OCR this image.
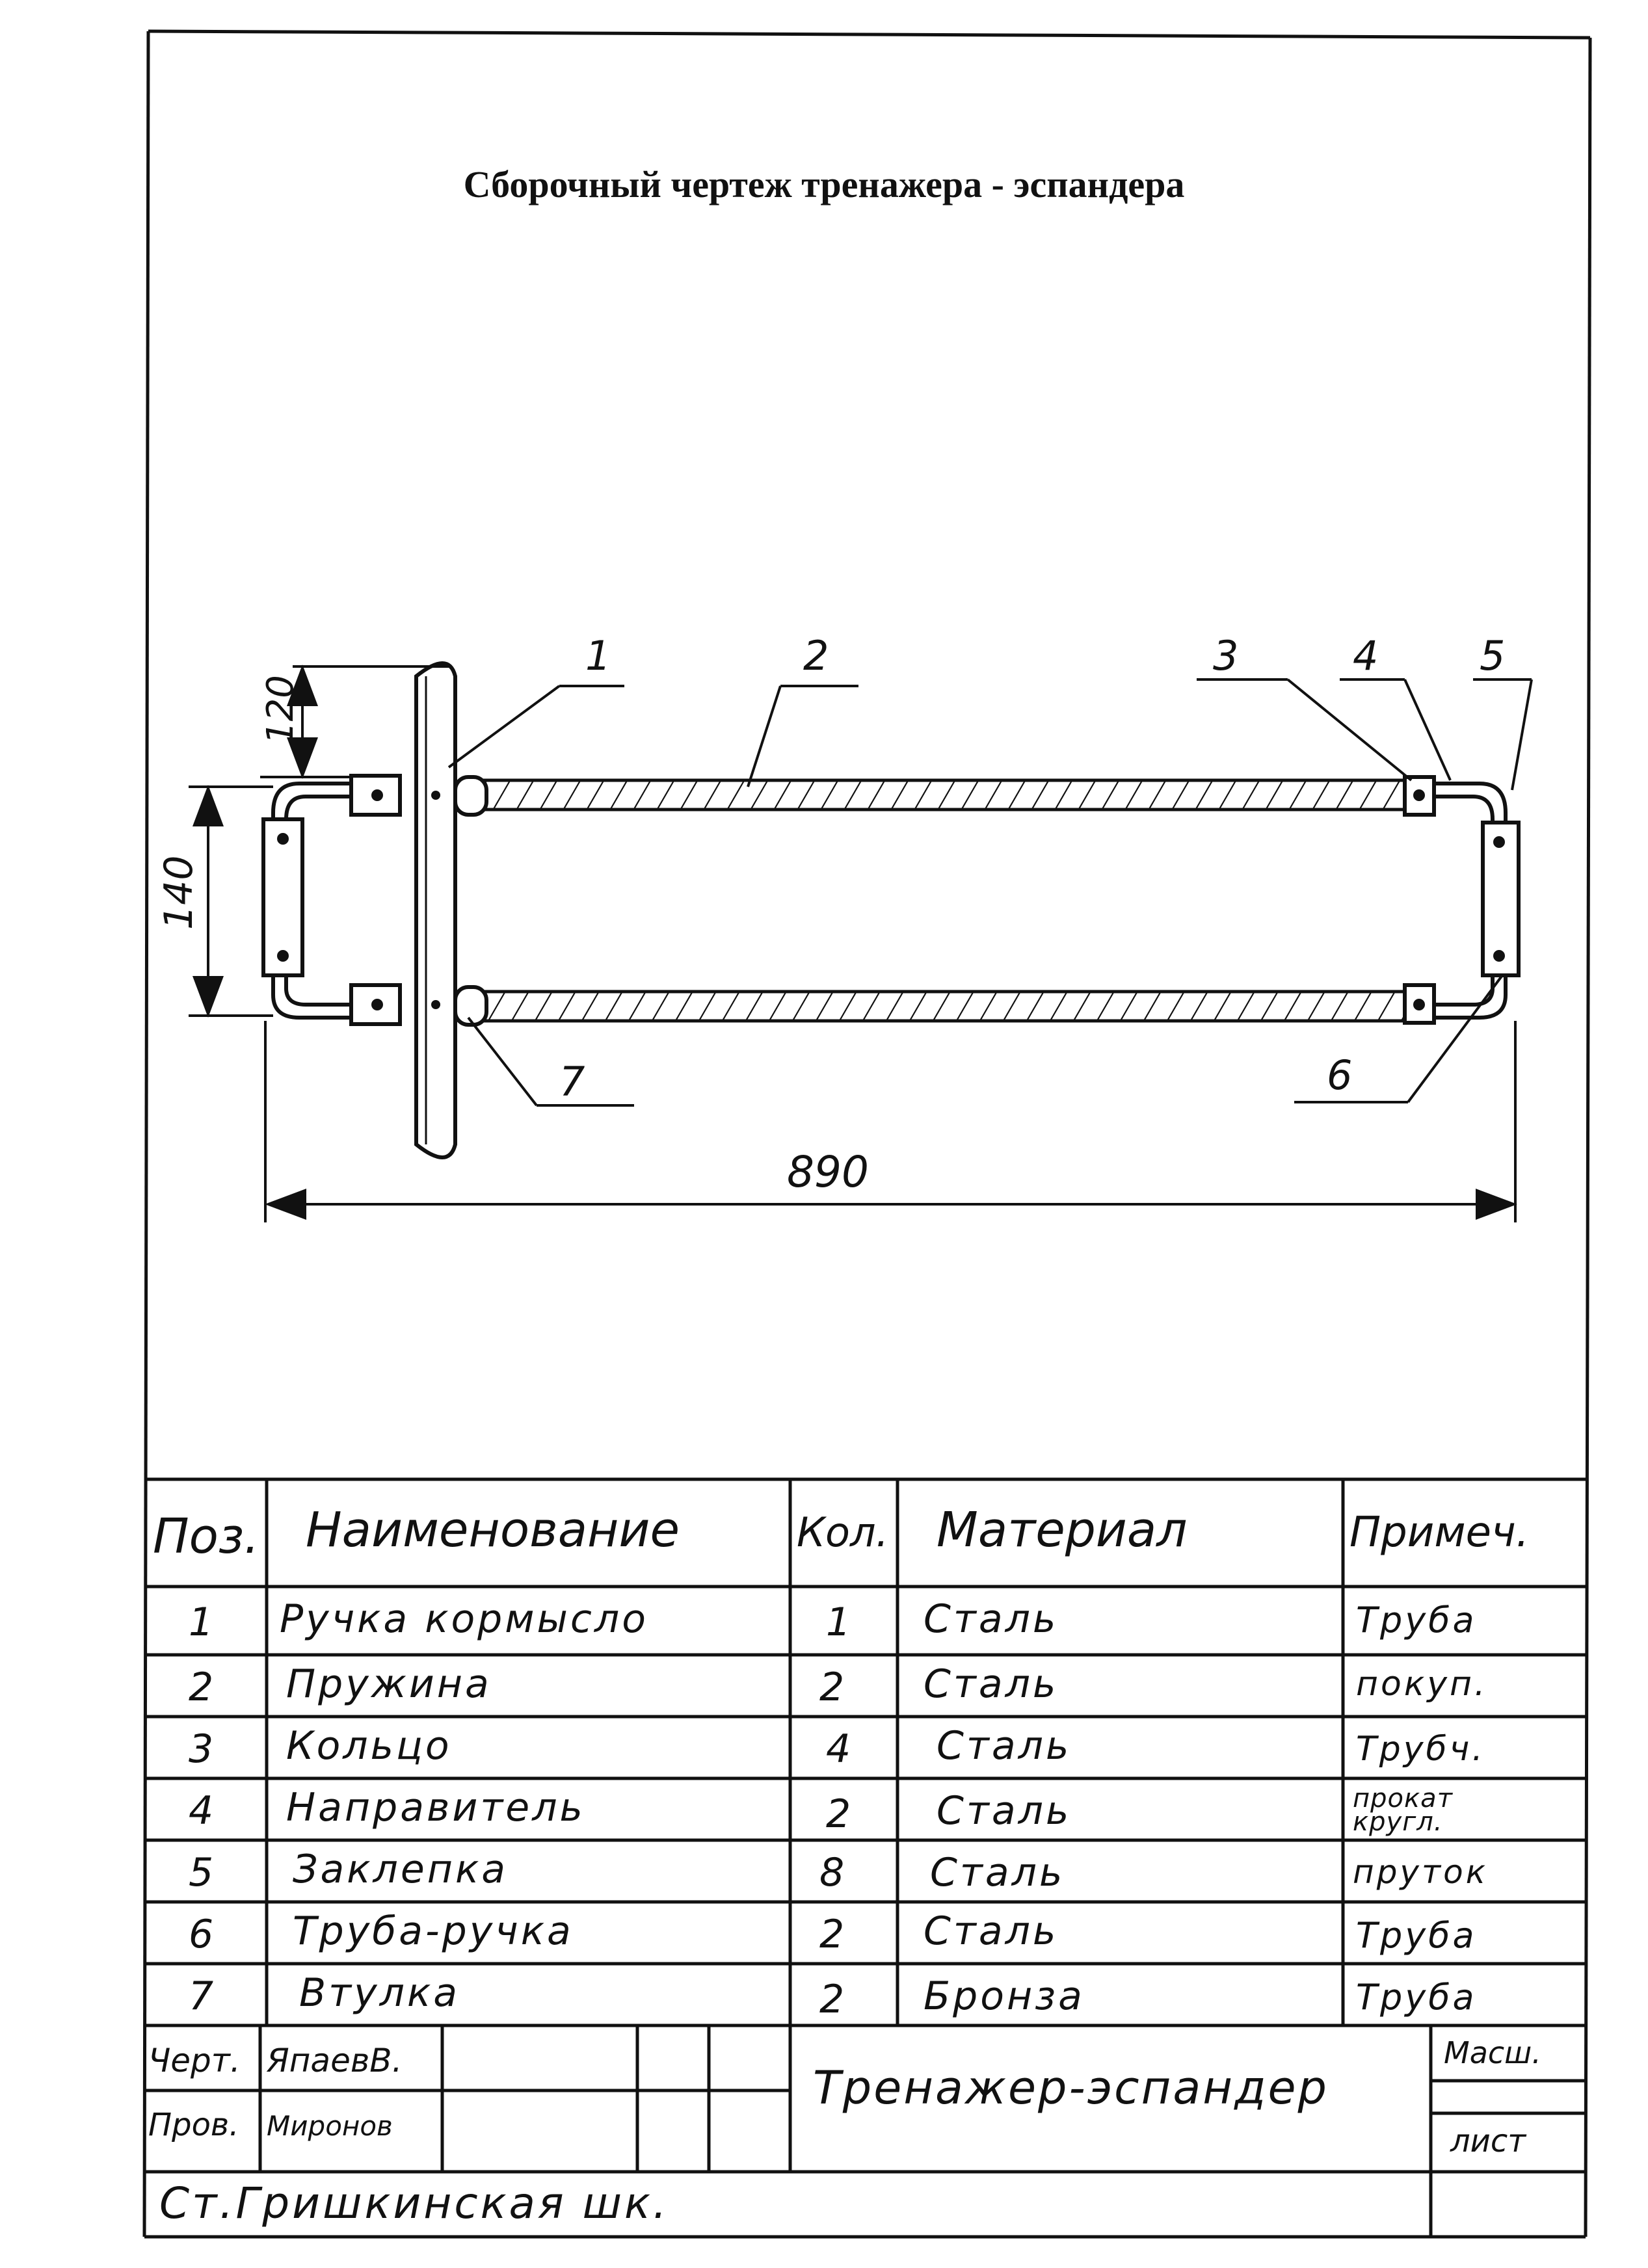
Сборочный чертеж тренажера - эспандера
1	2	3	4	5
6
7
120
140
890
Поз. Наименование	Кол. Материал	Примеч.
1 Ручка кормысло	1 Сталь	Труба
2 Пружина	2 Сталь	покуп.
3 Кольцо	4 Сталь	Трубч.
4 Направитель	2 Сталь	прокат кругл.
5 Заклепка	8 Сталь	пруток
6 Труба-ручка	2 Сталь	Труба
7 Втулка	2 Бронза	Труба
Черт. ЯпаевВ.
Пров. Миронов
Тренажер-эспандер
Масш.
лист
Ст.Гришкинская шк.
